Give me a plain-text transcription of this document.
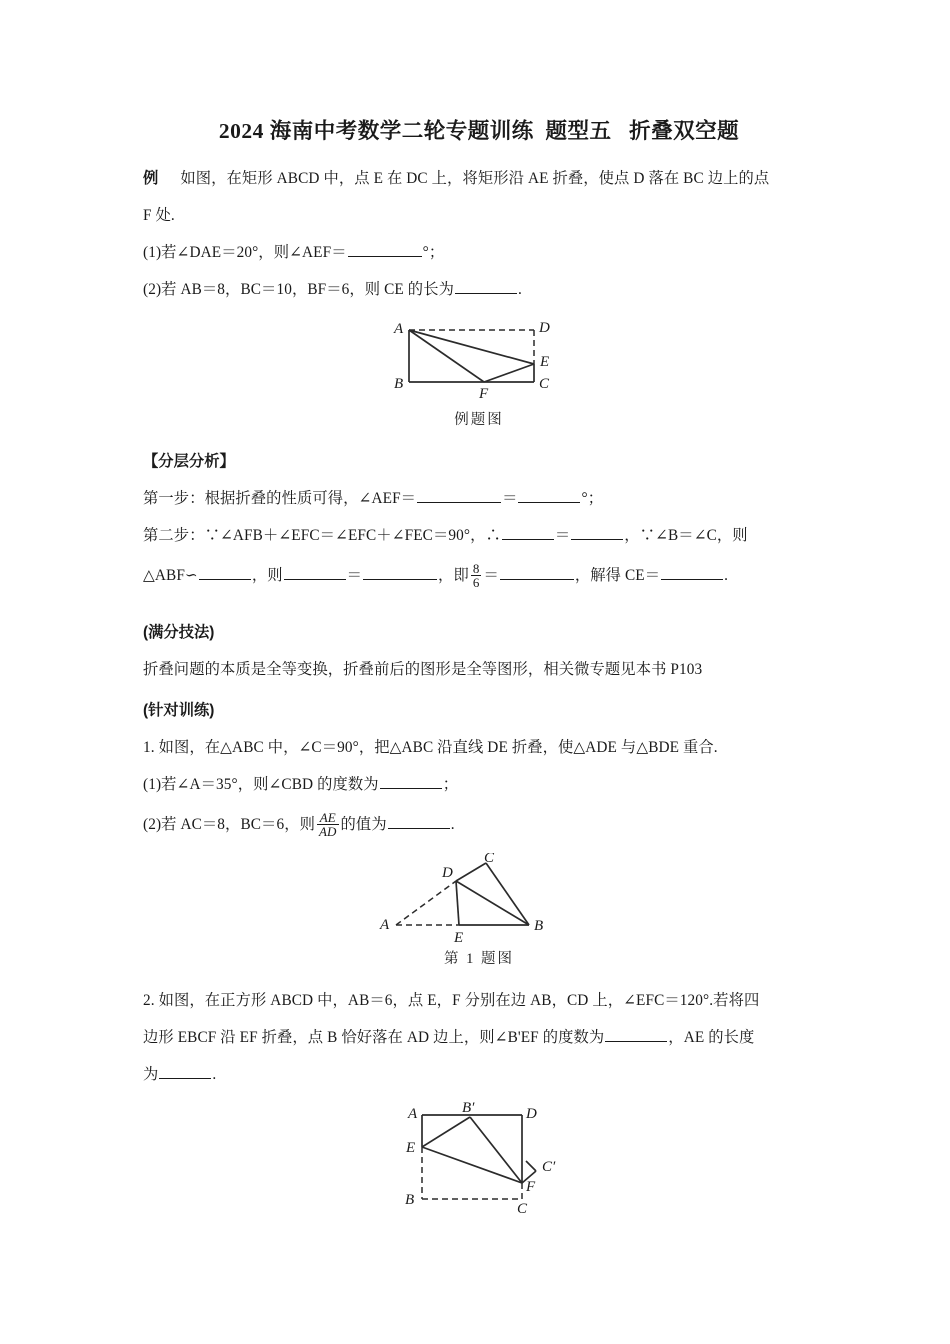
2024 海南中考数学二轮专题训练  题型五   折叠双空题
例 如图，在矩形 ABCD 中，点 E 在 DC 上，将矩形沿 AE 折叠，使点 D 落在 BC 边上的点
F 处.
(1)若∠DAE＝20°，则∠AEF＝	°；
(2)若 AB＝8，BC＝10，BF＝6，则 CE 的长为	.
A	D
E
C
B
F
例题图
【分层分析】
第一步：根据折叠的性质可得，∠AEF＝	＝	°；
第二步：∵∠AFB＋∠EFC＝∠EFC＋∠FEC＝90°，∴	＝	，∵∠B＝∠C，则
△ABF∽	，则	＝	，即 $\frac{8}{6}$ ＝	，解得 CE＝	.
(满分技法)
折叠问题的本质是全等变换，折叠前后的图形是全等图形，相关微专题见本书 P103
(针对训练)
1. 如图，在△ABC 中，∠C＝90°，把△ABC 沿直线 DE 折叠，使△ADE 与△BDE 重合.
(1)若∠A＝35°，则∠CBD 的度数为	；
(2)若 AC＝8，BC＝6，则 $\frac{AE}{AD}$ 的值为	.
A
E
B
D
C
第 1 题图
2. 如图，在正方形 ABCD 中，AB＝6，点 E，F 分别在边 AB，CD 上，∠EFC＝120°.若将四
边形 EBCF 沿 EF 折叠，点 B 恰好落在 AD 边上，则∠B'EF 的度数为	，AE 的长度
为	.
A	D
B′
E
C′
F
B
C
